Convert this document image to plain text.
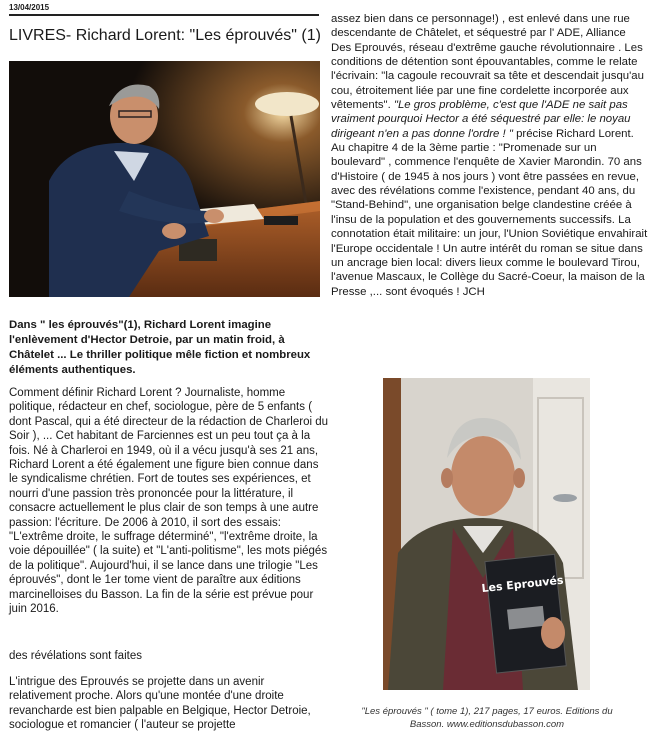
13/04/2015
LIVRES- Richard Lorent: "Les éprouvés" (1)
Dans " les éprouvés"(1), Richard Lorent imagine l'enlèvement d'Hector Detroie, par un matin froid, à Châtelet ... Le thriller politique mêle fiction et nombreux éléments authentiques.
Comment définir Richard Lorent ? Journaliste, homme politique, rédacteur en chef, sociologue, père de 5 enfants ( dont Pascal, qui a été directeur de la rédaction de Charleroi du Soir ), ... Cet habitant de Farciennes est un peu tout ça à la fois. Né à Charleroi en 1949, où il a vécu jusqu'à ses 21 ans, Richard Lorent a été également une figure bien connue dans le syndicalisme chrétien. Fort de toutes ses expériences, et nourri d'une passion très prononcée pour la littérature, il consacre actuellement le plus clair de son temps à une autre passion: l'écriture. De 2006 à 2010, il sort des essais: "L'extrême droite, le suffrage déterminé", "l'extrême droite, la voie dépouillée" ( la suite) et "L'anti-politisme", les mots piégés de la politique". Aujourd'hui, il se lance dans une trilogie "Les éprouvés", dont le 1er tome vient de paraître aux éditions marcinelloises du Basson. La fin de la série est prévue pour juin 2016.
des révélations sont faites
L'intrigue des Eprouvés se projette dans un avenir relativement proche. Alors qu'une montée d'une droite revancharde est bien palpable en Belgique, Hector Detroie, sociologue et romancier ( l'auteur se projette
assez bien dans ce personnage!) , est enlevé dans une rue descendante de Châtelet, et séquestré par l' ADE, Alliance Des Eprouvés, réseau d'extrême gauche révolutionnaire . Les conditions de détention sont épouvantables, comme le relate l'écrivain: "la cagoule recouvrait sa tête et descendait jusqu'au cou, étroitement liée par une fine cordelette incorporée aux vêtements". "Le gros problème, c'est que l'ADE ne sait pas vraiment pourquoi Hector a été séquestré par elle: le noyau dirigeant n'en a pas donne l'ordre ! " précise Richard Lorent. Au chapitre 4 de la 3ème partie : "Promenade sur un boulevard" , commence l'enquête de Xavier Marondin. 70 ans d'Histoire ( de 1945 à nos jours ) vont être passées en revue, avec des révélations comme l'existence, pendant 40 ans, du "Stand-Behind", une organisation belge clandestine créée à l'insu de la population et des gouvernements successifs. La connotation était militaire: un jour, l'Union Soviétique envahirait l'Europe occidentale ! Un autre intérêt du roman se situe dans un ancrage bien local: divers lieux comme le boulevard Tirou, l'avenue Mascaux, le Collège du Sacré-Coeur, la maison de la Presse ,... sont évoqués ! JCH
Les Eprouvés
"Les éprouvés " ( tome 1), 217 pages, 17 euros. Editions du Basson. www.editionsdubasson.com
